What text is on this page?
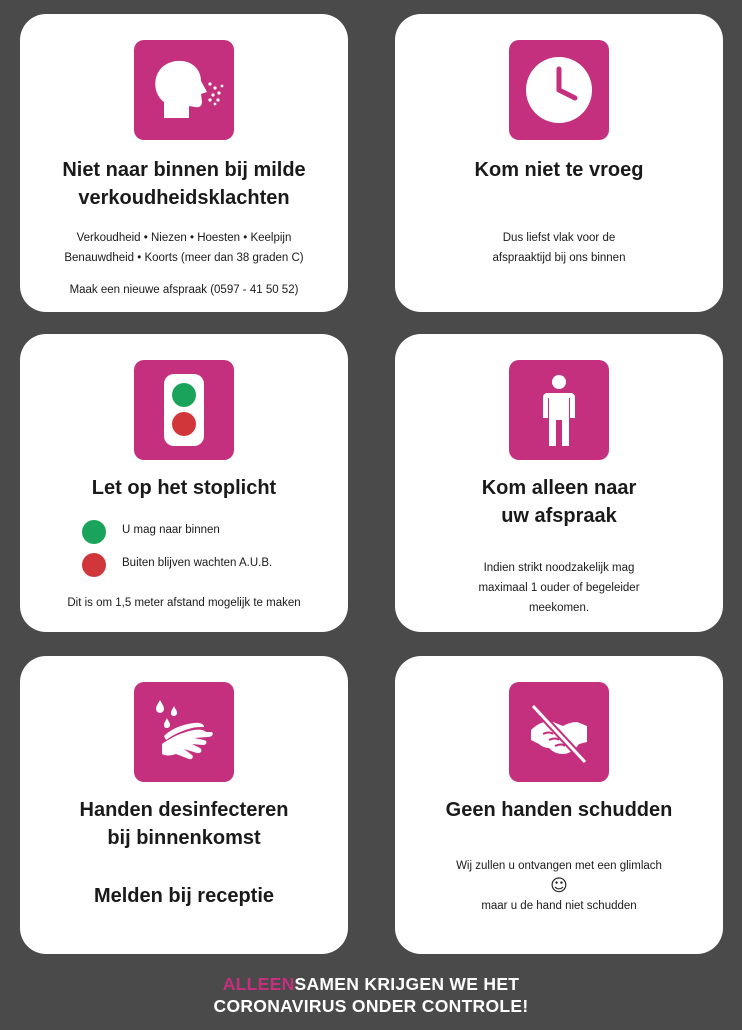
Niet naar binnen bij milde
verkoudheidsklachten
Verkoudheid • Niezen • Hoesten • Keelpijn
Benauwdheid • Koorts (meer dan 38 graden C)
Maak een nieuwe afspraak (0597 - 41 50 52)
Kom niet te vroeg
Dus liefst vlak voor de
afspraaktijd bij ons binnen
Let op het stoplicht
U mag naar binnen
Buiten blijven wachten A.U.B.
Dit is om 1,5 meter afstand mogelijk te maken
Kom alleen naar
uw afspraak
Indien strikt noodzakelijk mag
maximaal 1 ouder of begeleider
meekomen.
Handen desinfecteren
bij binnenkomst
Melden bij receptie
Geen handen schudden
Wij zullen u ontvangen met een glimlach
☺
maar u de hand niet schudden
ALLEENSAMEN KRIJGEN WE HET
CORONAVIRUS ONDER CONTROLE!
